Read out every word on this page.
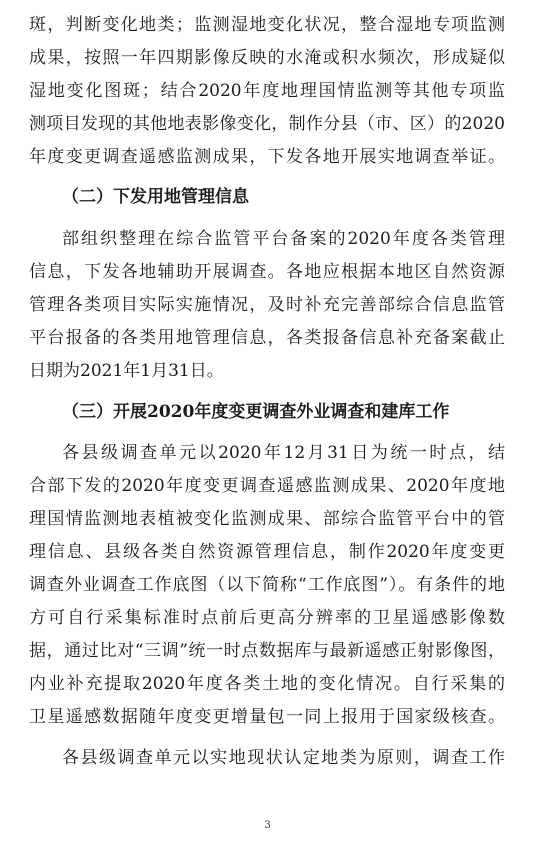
斑，判断变化地类；监测湿地变化状况，整合湿地专项监测
成果，按照一年四期影像反映的水淹或积水频次，形成疑似
湿地变化图斑；结合2020年度地理国情监测等其他专项监
测项目发现的其他地表影像变化，制作分县（市、区）的2020
年度变更调查遥感监测成果，下发各地开展实地调查举证。
（二）下发用地管理信息
部组织整理在综合监管平台备案的2020年度各类管理
信息，下发各地辅助开展调查。各地应根据本地区自然资源
管理各类项目实际实施情况，及时补充完善部综合信息监管
平台报备的各类用地管理信息，各类报备信息补充备案截止
日期为2021年1月31日。
（三）开展2020年度变更调查外业调查和建库工作
各县级调查单元以2020年12月31日为统一时点，结
合部下发的2020年度变更调查遥感监测成果、2020年度地
理国情监测地表植被变化监测成果、部综合监管平台中的管
理信息、县级各类自然资源管理信息，制作2020年度变更
调查外业调查工作底图（以下简称“工作底图”）。有条件的地
方可自行采集标准时点前后更高分辨率的卫星遥感影像数
据，通过比对“三调”统一时点数据库与最新遥感正射影像图，
内业补充提取2020年度各类土地的变化情况。自行采集的
卫星遥感数据随年度变更增量包一同上报用于国家级核查。
各县级调查单元以实地现状认定地类为原则，调查工作
3
